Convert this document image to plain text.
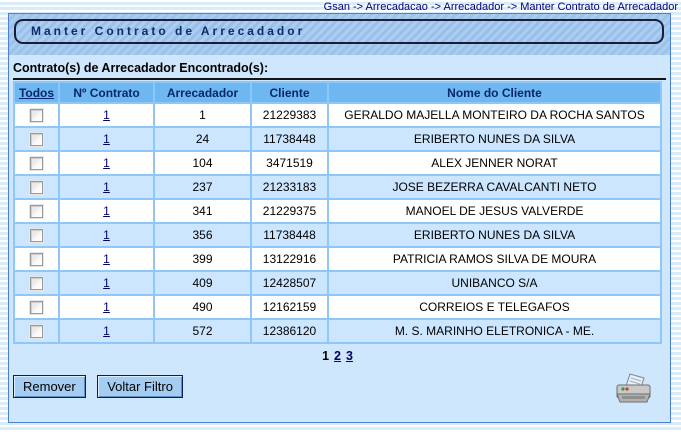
Gsan -> Arrecadacao -> Arrecadador -> Manter Contrato de Arrecadador
Manter Contrato de Arrecadador
Contrato(s) de Arrecadador Encontrado(s):
Todos	Nº Contrato	Arrecadador	Cliente	Nome do Cliente
	1	1	21229383	GERALDO MAJELLA MONTEIRO DA ROCHA SANTOS
	1	24	11738448	ERIBERTO NUNES DA SILVA
	1	104	3471519	ALEX JENNER NORAT
	1	237	21233183	JOSE BEZERRA CAVALCANTI NETO
	1	341	21229375	MANOEL DE JESUS VALVERDE
	1	356	11738448	ERIBERTO NUNES DA SILVA
	1	399	13122916	PATRICIA RAMOS SILVA DE MOURA
	1	409	12428507	UNIBANCO S/A
	1	490	12162159	CORREIOS E TELEGAFOS
	1	572	12386120	M. S. MARINHO ELETRONICA - ME.
1 2 3
Remover Voltar Filtro
